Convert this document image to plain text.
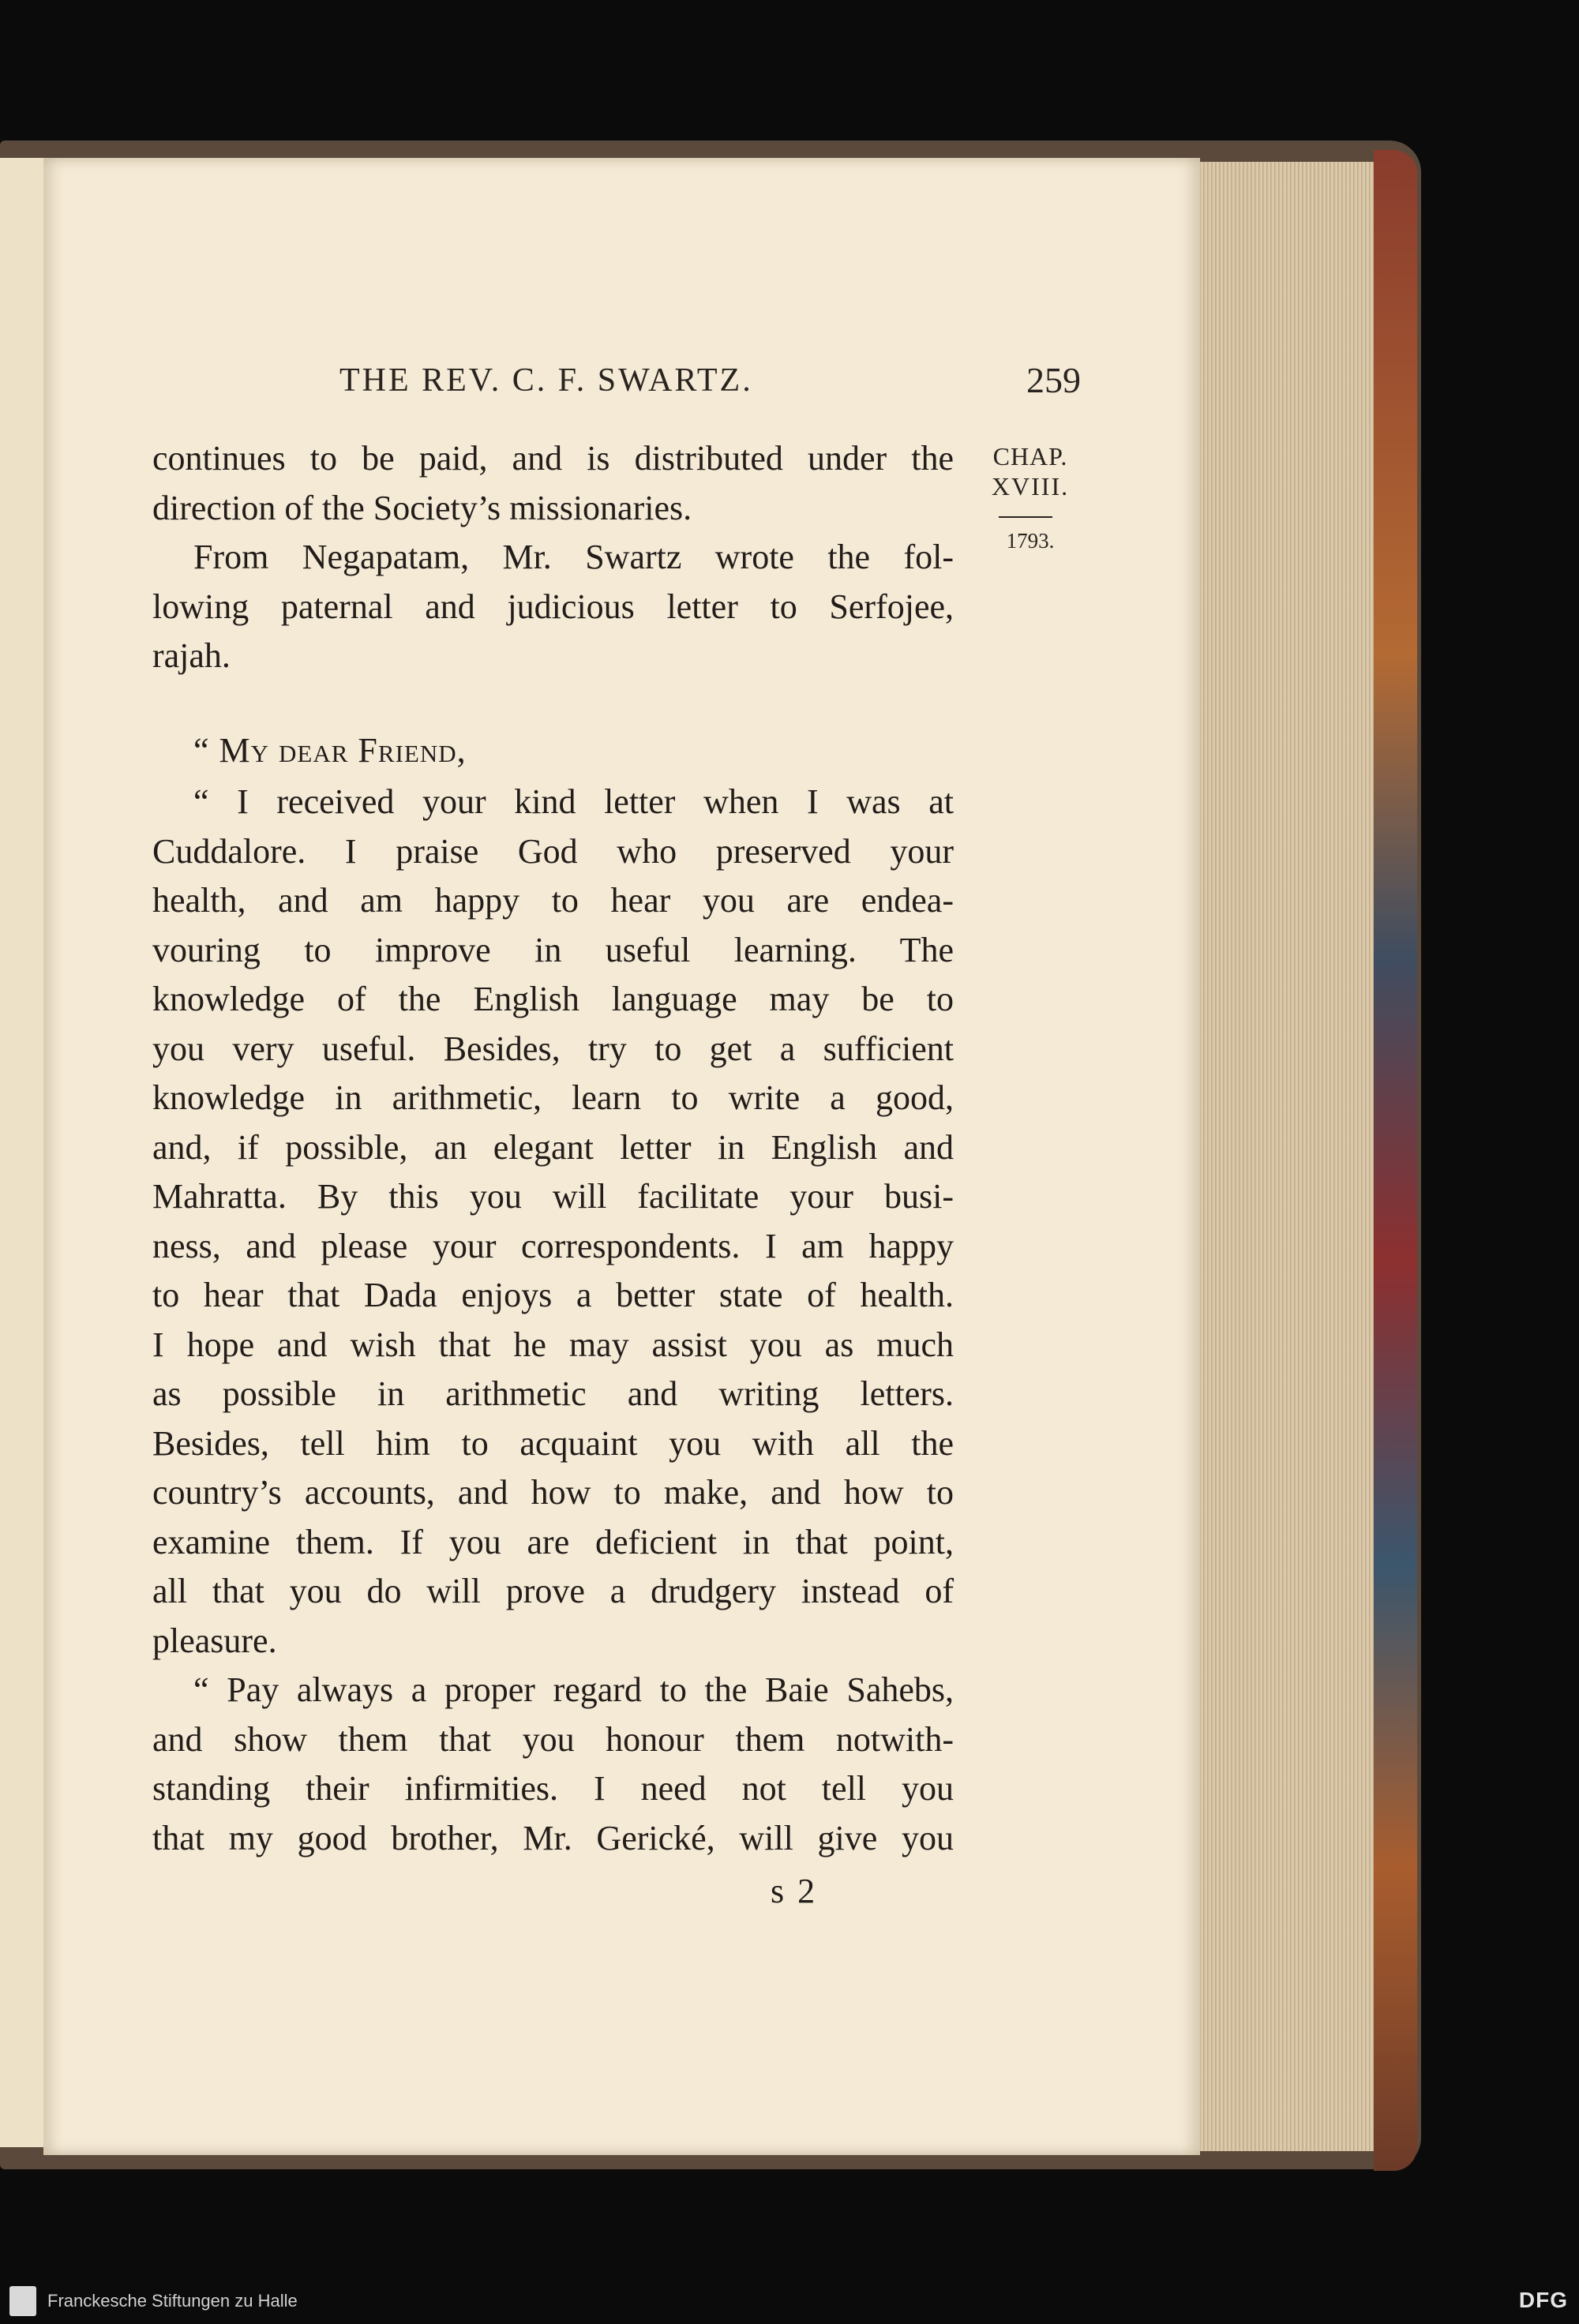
THE REV. C. F. SWARTZ.	259
CHAP.
XVIII.
1793.
continues to be paid, and is distributed under the
direction of the Society’s missionaries.
From Negapatam, Mr. Swartz wrote the fol-
lowing paternal and judicious letter to Serfojee,
rajah.
“ My dear Friend,
“ I received your kind letter when I was at
Cuddalore. I praise God who preserved your
health, and am happy to hear you are endea-
vouring to improve in useful learning. The
knowledge of the English language may be to
you very useful. Besides, try to get a sufficient
knowledge in arithmetic, learn to write a good,
and, if possible, an elegant letter in English and
Mahratta. By this you will facilitate your busi-
ness, and please your correspondents. I am happy
to hear that Dada enjoys a better state of health.
I hope and wish that he may assist you as much
as possible in arithmetic and writing letters.
Besides, tell him to acquaint you with all the
country’s accounts, and how to make, and how to
examine them. If you are deficient in that point,
all that you do will prove a drudgery instead of
pleasure.
“ Pay always a proper regard to the Baie Sahebs,
and show them that you honour them notwith-
standing their infirmities. I need not tell you
that my good brother, Mr. Gerické, will give you
s 2
Franckesche Stiftungen zu Halle	DFG
